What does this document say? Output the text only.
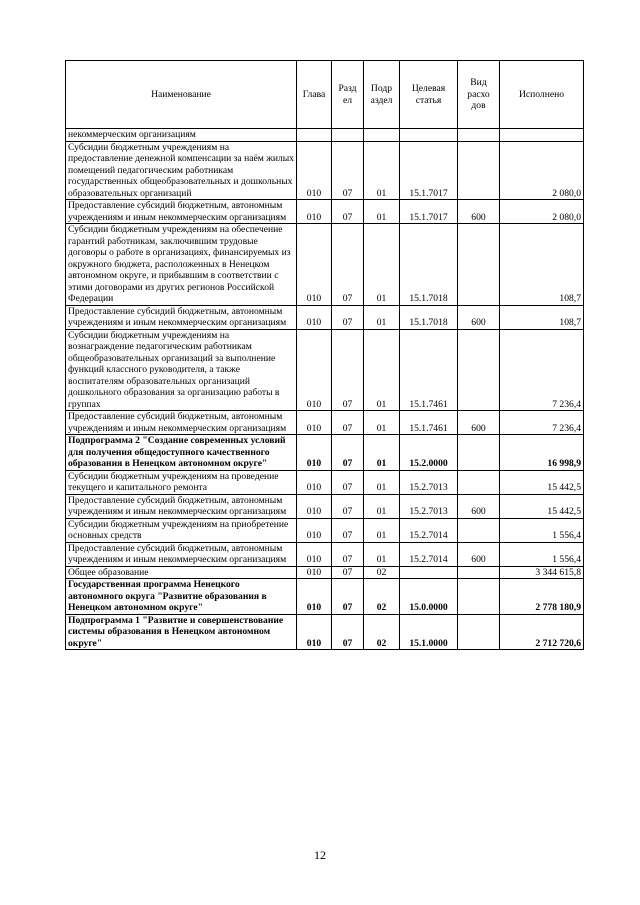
Наименование	Глава	Разд ел	Подр аздел	Целевая статья	Вид расхо дов	Исполнено
некоммерческим организациям						
Субсидии бюджетным учреждениям на предоставление денежной компенсации за наём жилых помещений педагогическим работникам государственных общеобразовательных и дошкольных образовательных организаций	010	07	01	15.1.7017		2 080,0
Предоставление субсидий бюджетным, автономным учреждениям и иным некоммерческим организациям	010	07	01	15.1.7017	600	2 080,0
Субсидии бюджетным учреждениям на обеспечение гарантий работникам, заключившим трудовые договоры о работе в организациях, финансируемых из окружного бюджета, расположенных в Ненецком автономном округе, и прибывшим в соответствии с этими договорами из других регионов Российской Федерации	010	07	01	15.1.7018		108,7
Предоставление субсидий бюджетным, автономным учреждениям и иным некоммерческим организациям	010	07	01	15.1.7018	600	108,7
Субсидии бюджетным учреждениям на вознаграждение педагогическим работникам общеобразовательных организаций за выполнение функций классного руководителя, а также воспитателям образовательных организаций дошкольного образования за организацию работы в группах	010	07	01	15.1.7461		7 236,4
Предоставление субсидий бюджетным, автономным учреждениям и иным некоммерческим организациям	010	07	01	15.1.7461	600	7 236,4
Подпрограмма 2 "Создание современных условий для получения общедоступного качественного образования в Ненецком автономном округе"	010	07	01	15.2.0000		16 998,9
Субсидии бюджетным учреждениям на проведение текущего и капитального ремонта	010	07	01	15.2.7013		15 442,5
Предоставление субсидий бюджетным, автономным учреждениям и иным некоммерческим организациям	010	07	01	15.2.7013	600	15 442,5
Субсидии бюджетным учреждениям на приобретение основных средств	010	07	01	15.2.7014		1 556,4
Предоставление субсидий бюджетным, автономным учреждениям и иным некоммерческим организациям	010	07	01	15.2.7014	600	1 556,4
Общее образование	010	07	02			3 344 615,8
Государственная программа Ненецкого автономного округа "Развитие образования в Ненецком автономном округе"	010	07	02	15.0.0000		2 778 180,9
Подпрограмма 1 "Развитие и совершенствование системы образования в Ненецком автономном округе"	010	07	02	15.1.0000		2 712 720,6
12
